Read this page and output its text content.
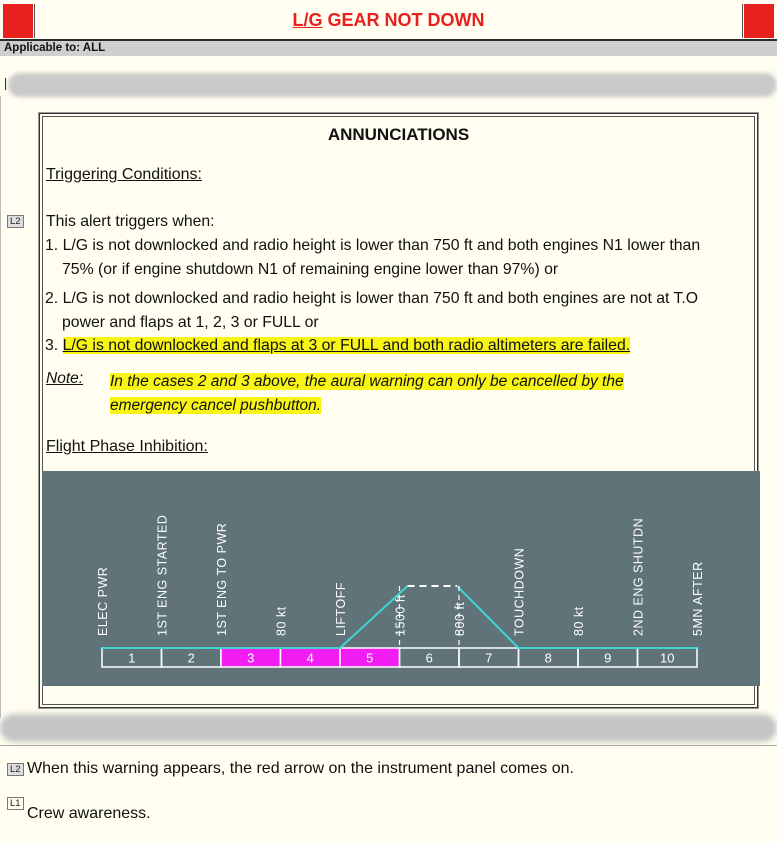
L/G GEAR NOT DOWN
Applicable to: ALL
ANNUNCIATIONS
Triggering Conditions:
L2 This alert triggers when:
1. L/G is not downlocked and radio height is lower than 750 ft and both engines N1 lower than
75% (or if engine shutdown N1 of remaining engine lower than 97%) or
2. L/G is not downlocked and radio height is lower than 750 ft and both engines are not at T.O
power and flaps at 1, 2, 3 or FULL or
3. L/G is not downlocked and flaps at 3 or FULL and both radio altimeters are failed.
Note: In the cases 2 and 3 above, the aural warning can only be cancelled by the
emergency cancel pushbutton.
Flight Phase Inhibition:
1	2	3	4	5	6	7	8	9	10
ELEC PWR	1ST ENG STARTED	1ST ENG TO PWR	80 kt	LIFTOFF	1500 ft	800 ft	TOUCHDOWN	80 kt	2ND ENG SHUTDN	5MN AFTER
L2 When this warning appears, the red arrow on the instrument panel comes on.
L1
Crew awareness.
